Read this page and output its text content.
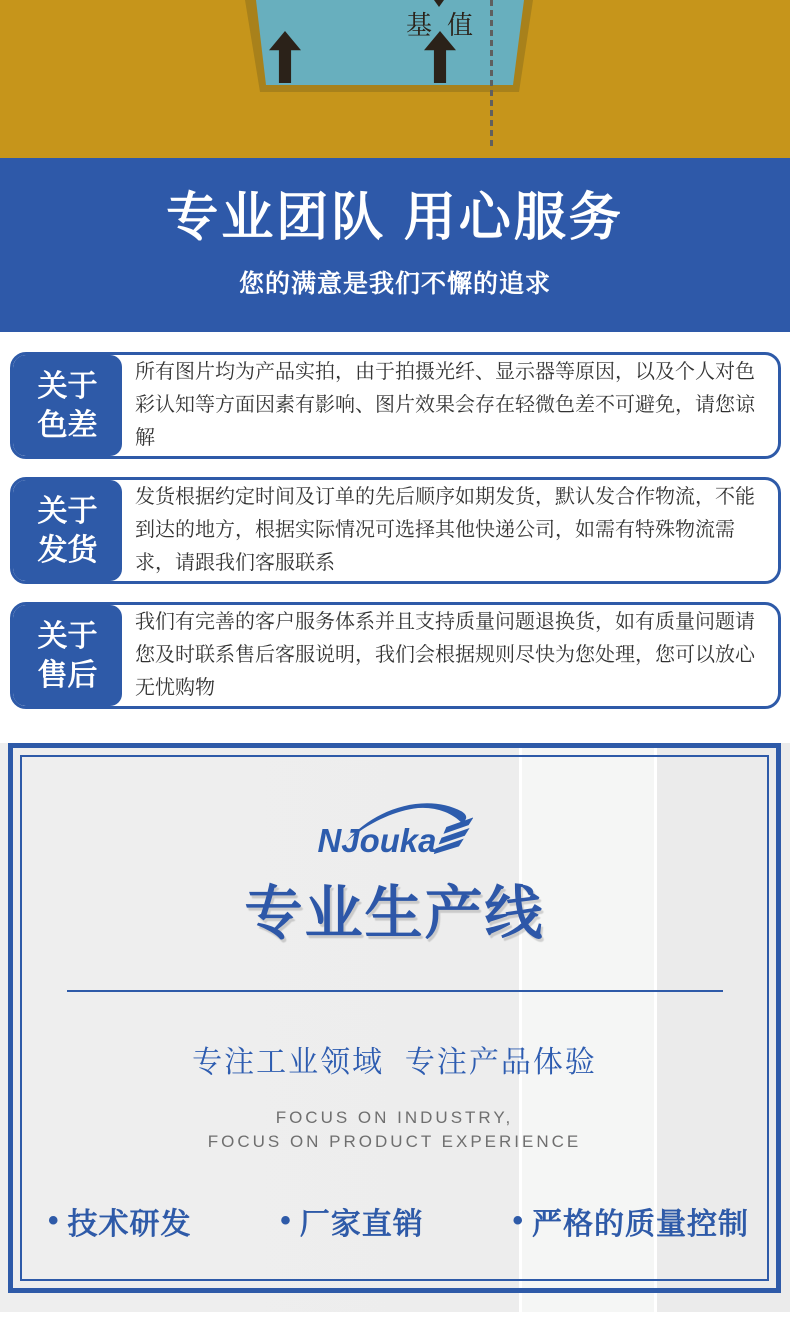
基 值
专业团队 用心服务
您的满意是我们不懈的追求
关于
色差
所有图片均为产品实拍，由于拍摄光纤、显示器等原因，以及个人对色彩认知等方面因素有影响、图片效果会存在轻微色差不可避免，请您谅解
关于
发货
发货根据约定时间及订单的先后顺序如期发货，默认发合作物流，不能到达的地方，根据实际情况可选择其他快递公司，如需有特殊物流需求，请跟我们客服联系
关于
售后
我们有完善的客户服务体系并且支持质量问题退换货，如有质量问题请您及时联系售后客服说明，我们会根据规则尽快为您处理，您可以放心无忧购物
NJouka
专业生产线
专注工业领域  专注产品体验
FOCUS ON INDUSTRY,
FOCUS ON PRODUCT EXPERIENCE
• 技术研发	• 厂家直销	• 严格的质量控制
